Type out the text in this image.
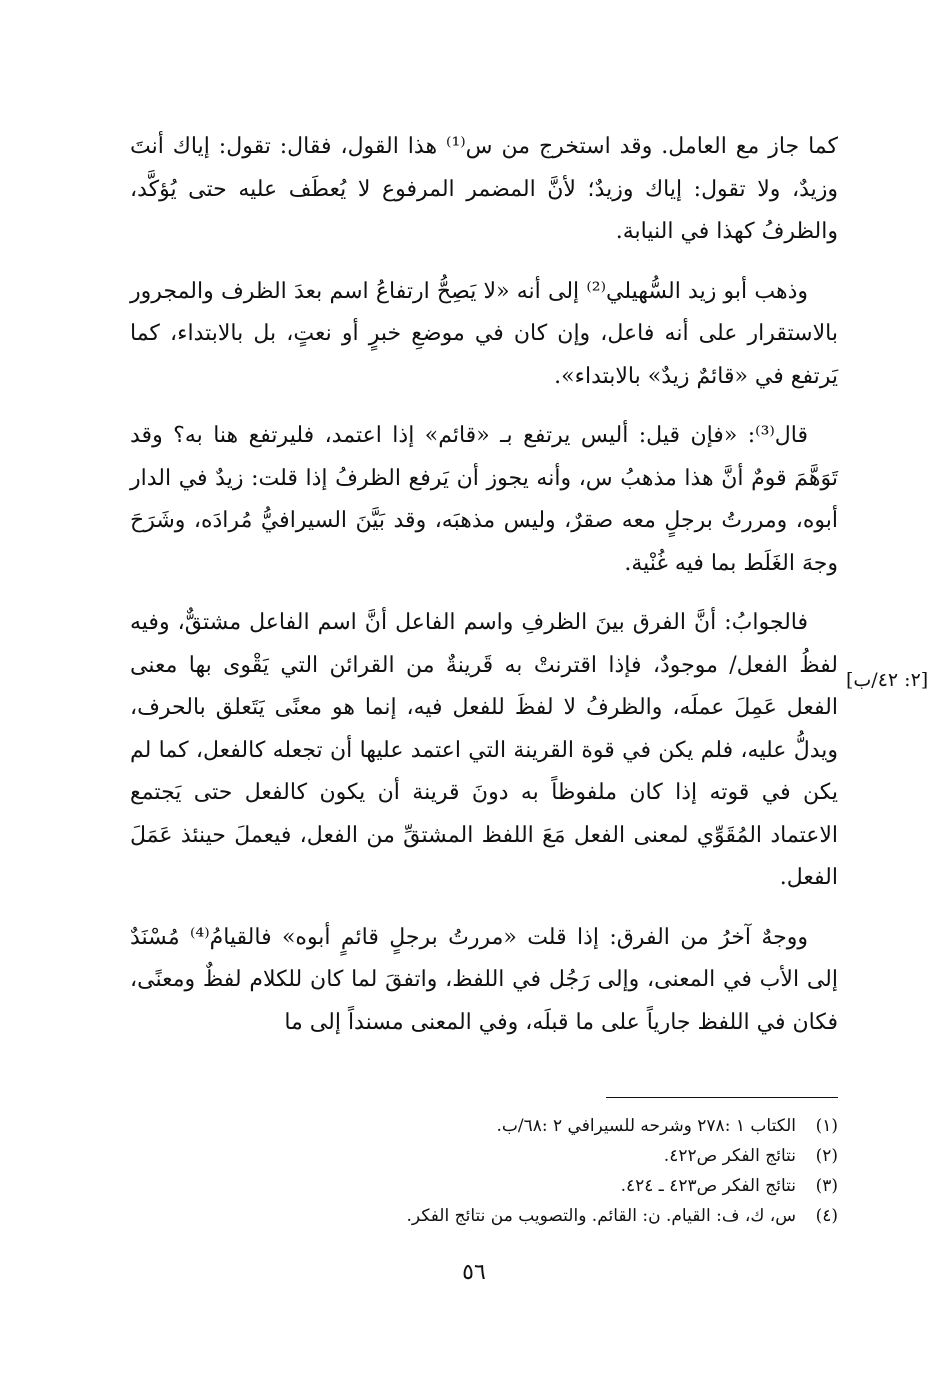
كما جاز مع العامل. وقد استخرج من س⁽¹⁾ هذا القول، فقال: تقول: إياك أنتَ وزيدٌ، ولا تقول: إياك وزيدٌ؛ لأنَّ المضمر المرفوع لا يُعطَف عليه حتى يُؤكَّد، والظرفُ كهذا في النيابة.

وذهب أبو زيد السُّهيلي⁽²⁾ إلى أنه «لا يَصِحُّ ارتفاعُ اسم بعدَ الظرف والمجرور بالاستقرار على أنه فاعل، وإن كان في موضعِ خبرٍ أو نعتٍ، بل بالابتداء، كما يَرتفع في «قائمٌ زيدٌ» بالابتداء».

قال⁽³⁾: «فإن قيل: أليس يرتفع بـ «قائم» إذا اعتمد، فليرتفع هنا به؟ وقد تَوَهَّمَ قومٌ أنَّ هذا مذهبُ س، وأنه يجوز أن يَرفع الظرفُ إذا قلت: زيدٌ في الدار أبوه، ومررتُ برجلٍ معه صقرٌ، وليس مذهبَه، وقد بَيَّنَ السيرافيُّ مُرادَه، وشَرَحَ وجهَ الغَلَط بما فيه غُنْية.

فالجوابُ: أنَّ الفرق بينَ الظرفِ واسم الفاعل أنَّ اسم الفاعل مشتقٌّ، وفيه لفظُ الفعل/ موجودٌ، فإذا اقترنتْ به قَرينةٌ من القرائن التي يَقْوى بها معنى الفعل عَمِلَ عملَه، والظرفُ لا لفظَ للفعل فيه، إنما هو معنًى يَتَعلق بالحرف، ويدلُّ عليه، فلم يكن في قوة القرينة التي اعتمد عليها أن تجعله كالفعل، كما لم يكن في قوته إذا كان ملفوظاً به دونَ قرينة أن يكون كالفعل حتى يَجتمع الاعتماد المُقَوِّي لمعنى الفعل مَعَ اللفظ المشتقِّ من الفعل، فيعملَ حينئذ عَمَلَ الفعل.

ووجهٌ آخرُ من الفرق: إذا قلت «مررتُ برجلٍ قائمٍ أبوه» فالقيامُ⁽⁴⁾ مُسْنَدٌ إلى الأب في المعنى، وإلى رَجُل في اللفظ، واتفقَ لما كان للكلام لفظٌ ومعنًى، فكان في اللفظ جارياً على ما قبلَه، وفي المعنى مسنداً إلى ما

[٢: ٤٢/ب]
(١)
الكتاب ١ :٢٧٨ وشرحه للسيرافي ٢ :٦٨/ب.
(٢)
نتائج الفكر ص٤٢٢.
(٣)
نتائج الفكر ص٤٢٣ ـ ٤٢٤.
(٤)
س، ك، ف: القيام. ن: القائم. والتصويب من نتائج الفكر.
٥٦
